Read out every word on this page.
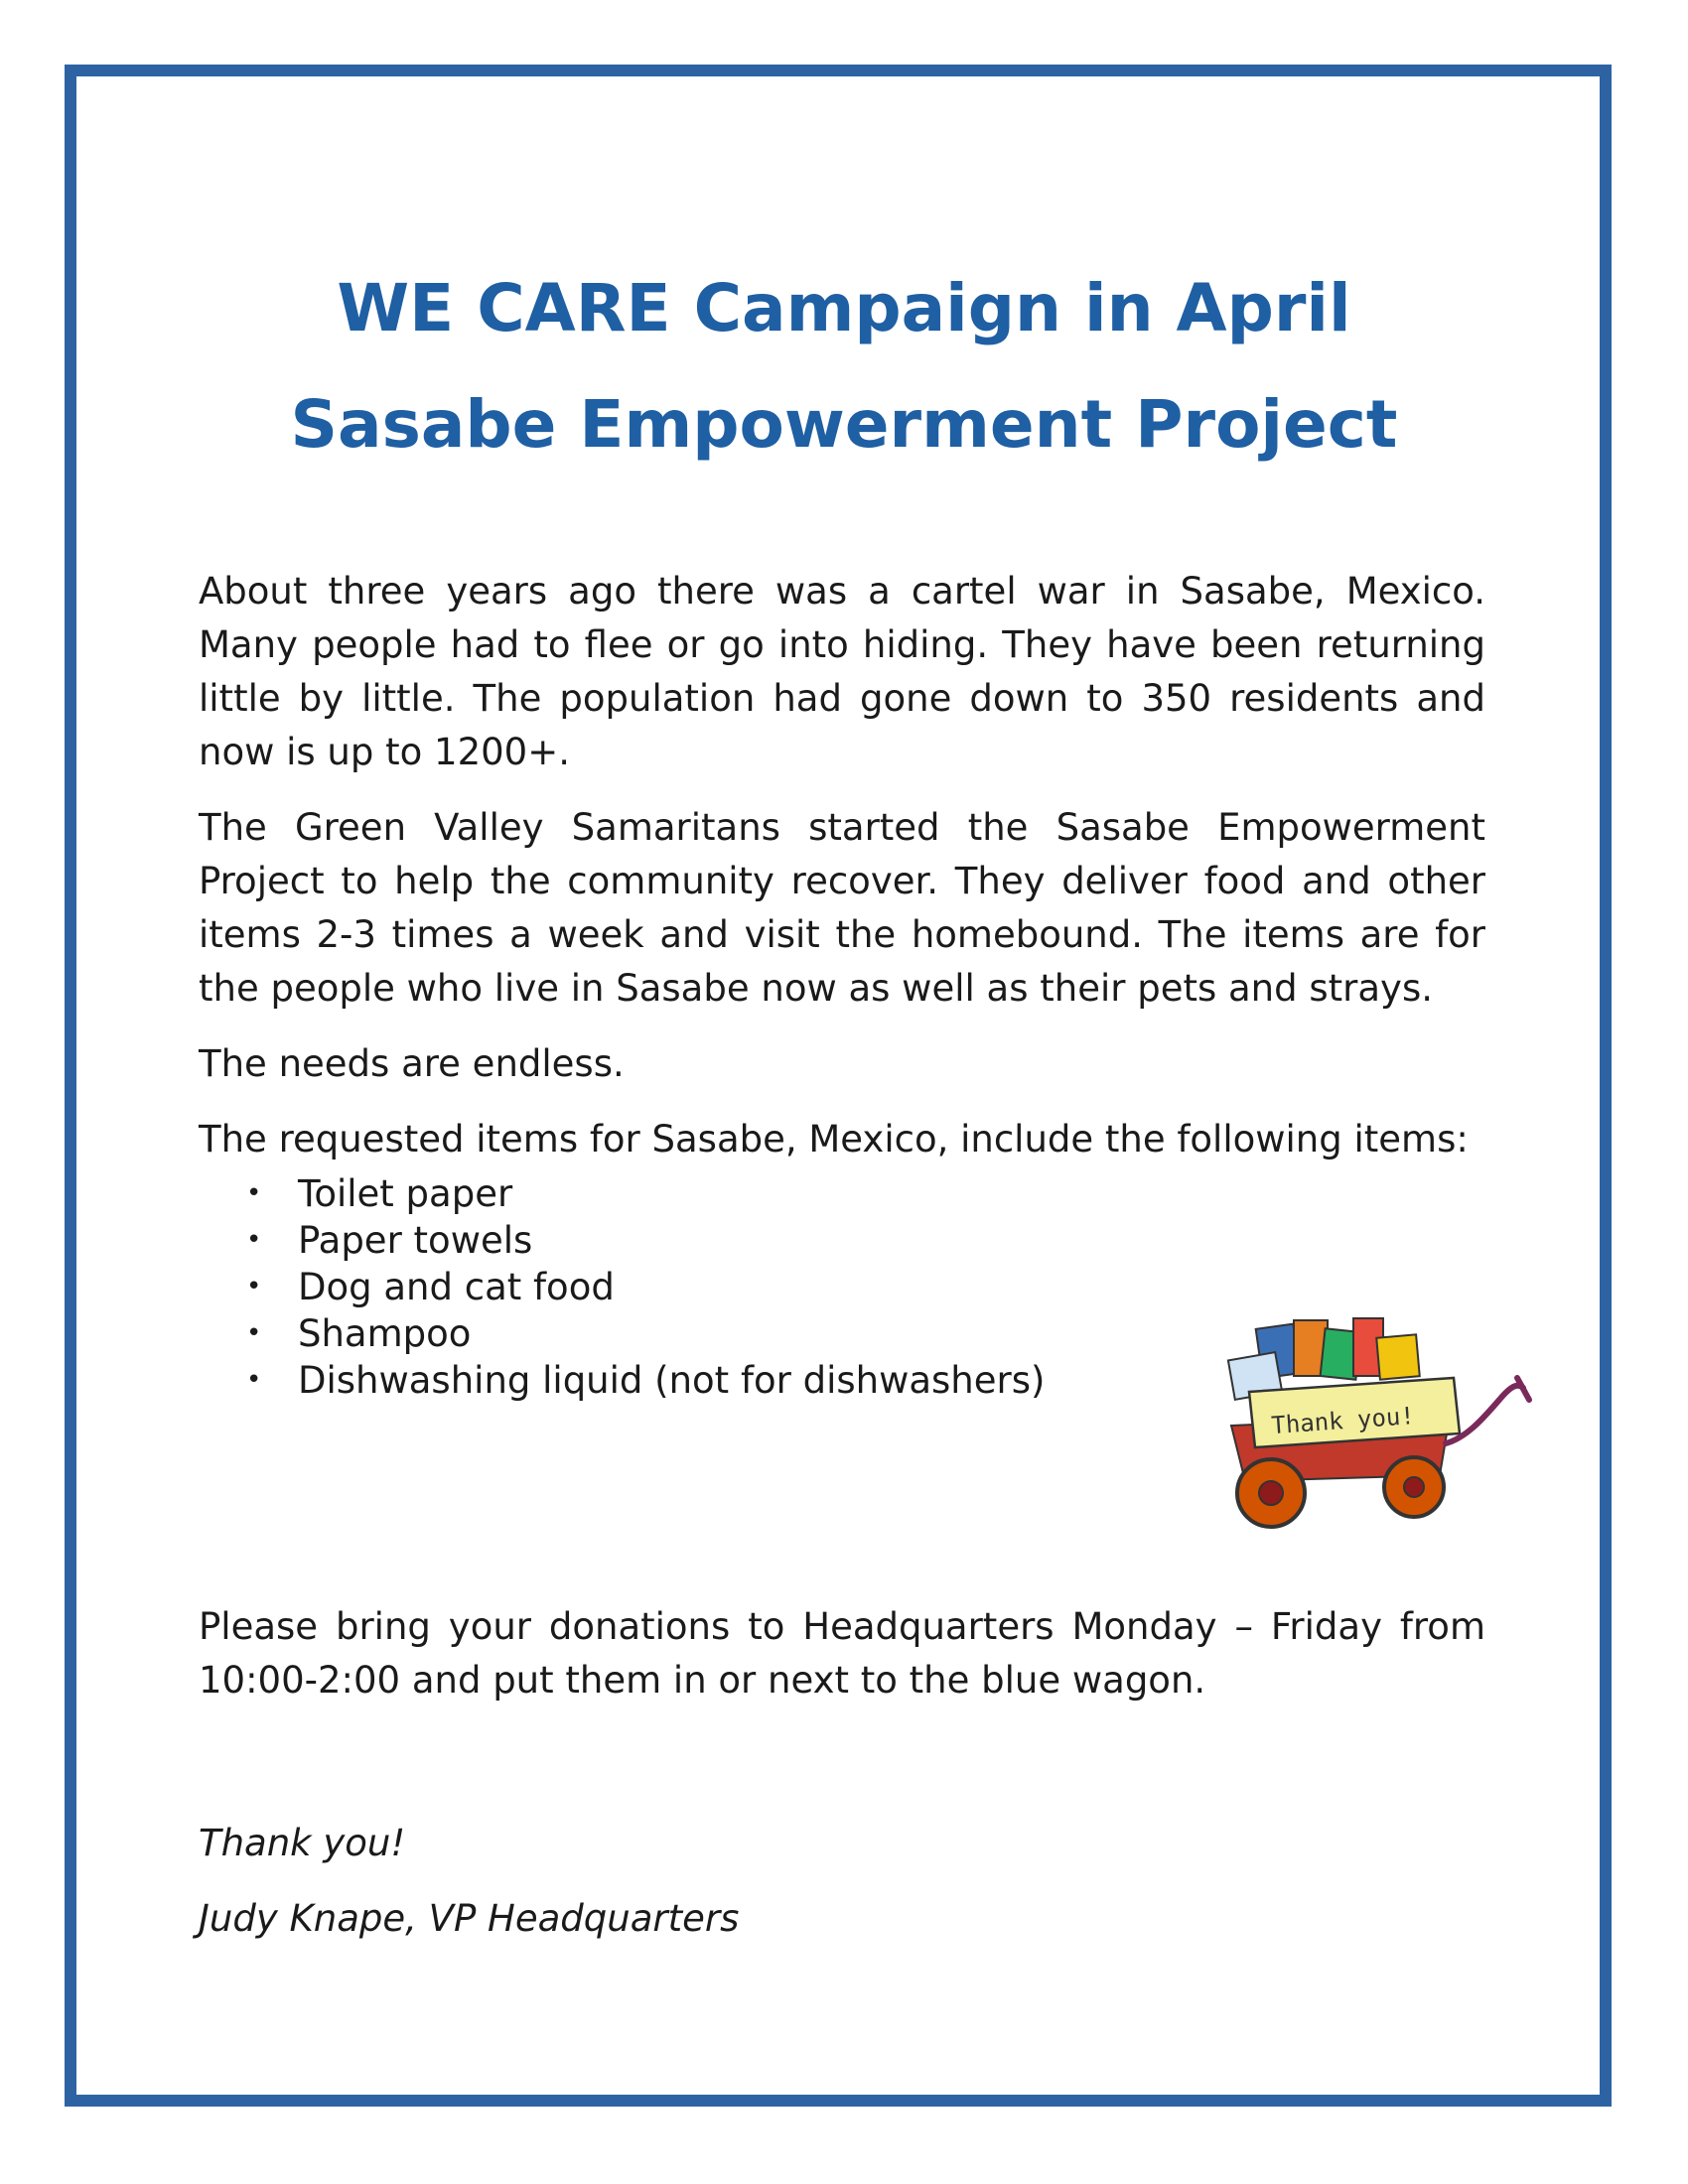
WE CARE Campaign in April
Sasabe Empowerment Project

About three years ago there was a cartel war in Sasabe, Mexico. Many people had to flee or go into hiding. They have been returning little by little. The population had gone down to 350 residents and now is up to 1200+.

The Green Valley Samaritans started the Sasabe Empowerment Project to help the community recover. They deliver food and other items 2-3 times a week and visit the homebound. The items are for the people who live in Sasabe now as well as their pets and strays.

The needs are endless.

The requested items for Sasabe, Mexico, include the following items:

• Toilet paper
• Paper towels
• Dog and cat food
• Shampoo
• Dishwashing liquid (not for dishwashers)
Thank you!

Please bring your donations to Headquarters Monday – Friday from 10:00-2:00 and put them in or next to the blue wagon.

Thank you!

Judy Knape, VP Headquarters
